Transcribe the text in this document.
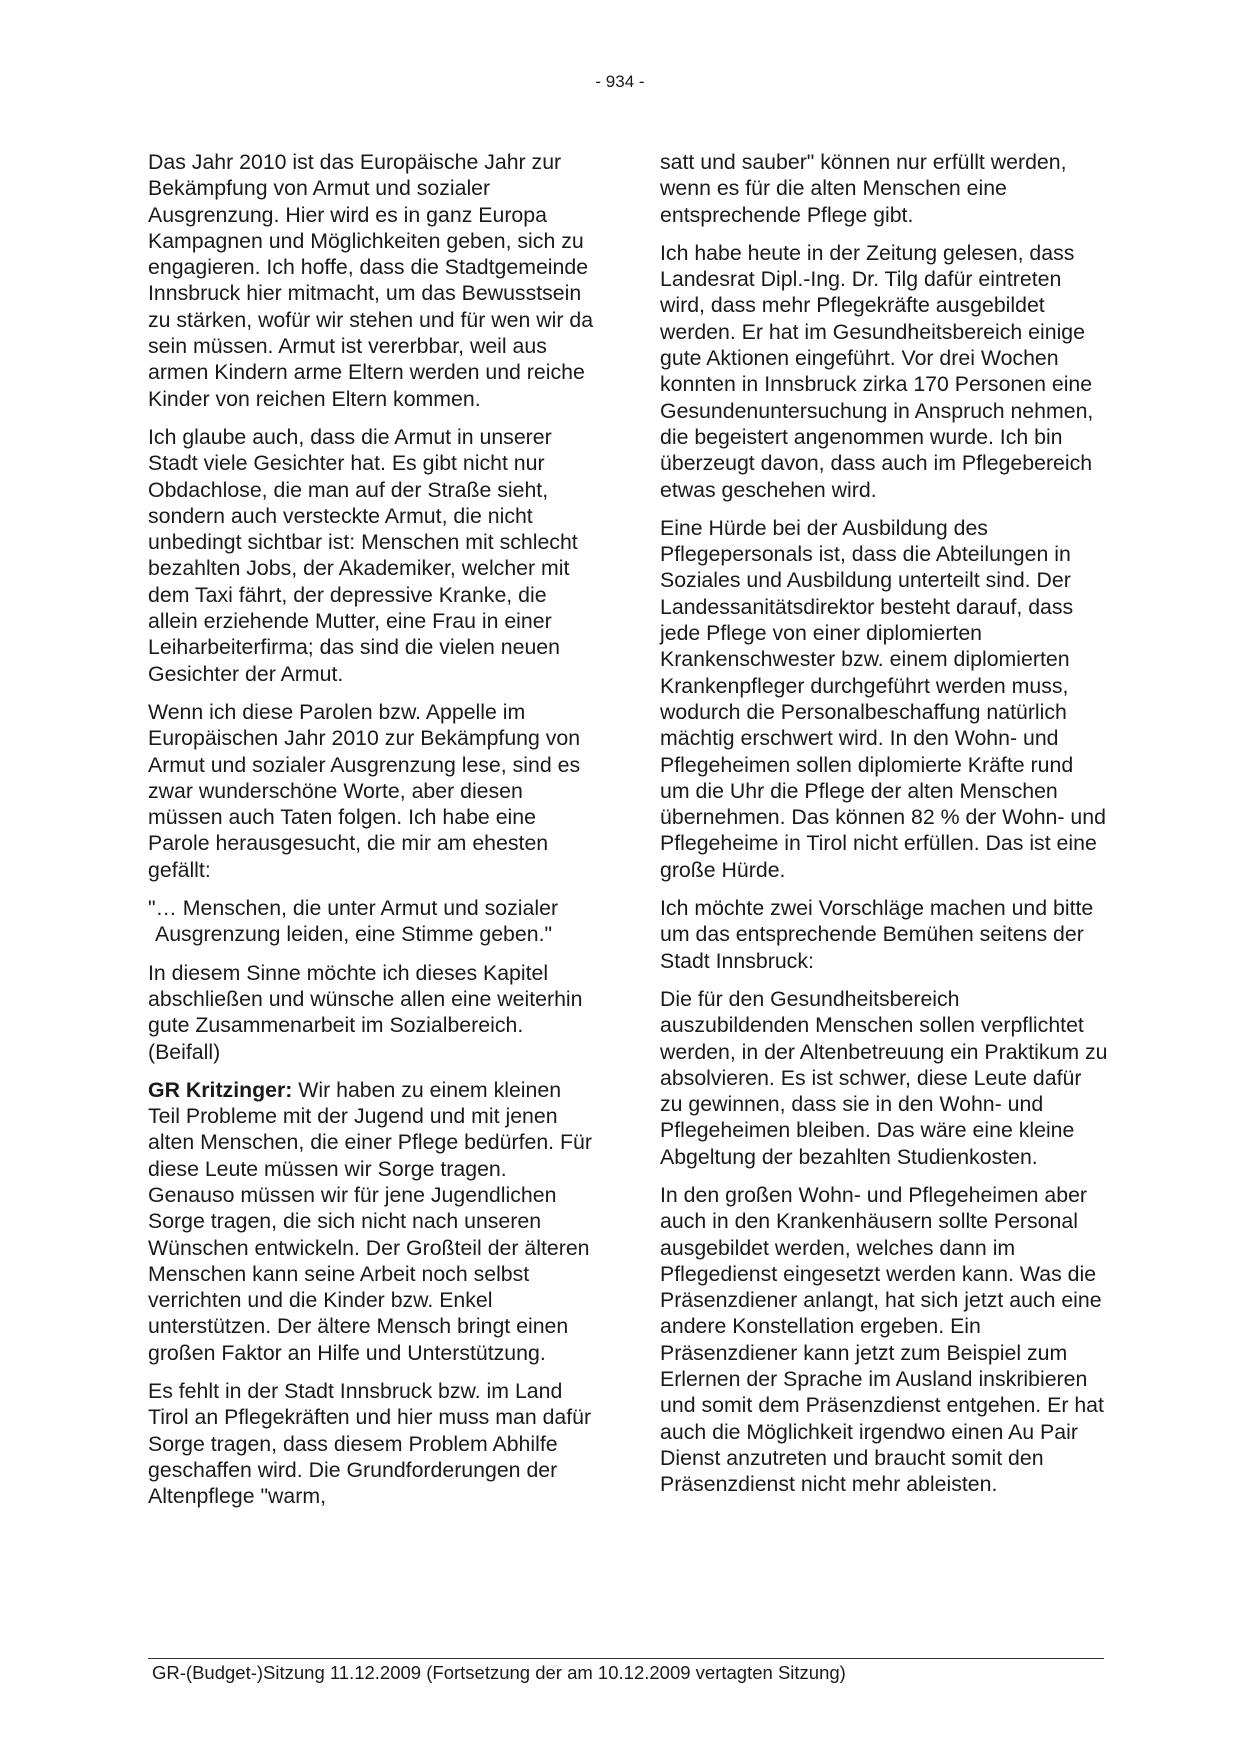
- 934 -

Das Jahr 2010 ist das Europäische Jahr zur Bekämpfung von Armut und sozialer Ausgrenzung. Hier wird es in ganz Europa Kampagnen und Möglichkeiten geben, sich zu engagieren. Ich hoffe, dass die Stadtgemeinde Innsbruck hier mitmacht, um das Bewusstsein zu stärken, wofür wir stehen und für wen wir da sein müssen. Armut ist vererbbar, weil aus armen Kindern arme Eltern werden und reiche Kinder von reichen Eltern kommen.

Ich glaube auch, dass die Armut in unserer Stadt viele Gesichter hat. Es gibt nicht nur Obdachlose, die man auf der Straße sieht, sondern auch versteckte Armut, die nicht unbedingt sichtbar ist: Menschen mit schlecht bezahlten Jobs, der Akademiker, welcher mit dem Taxi fährt, der depressive Kranke, die allein erziehende Mutter, eine Frau in einer Leiharbeiterfirma; das sind die vielen neuen Gesichter der Armut.

Wenn ich diese Parolen bzw. Appelle im Europäischen Jahr 2010 zur Bekämpfung von Armut und sozialer Ausgrenzung lese, sind es zwar wunderschöne Worte, aber diesen müssen auch Taten folgen. Ich habe eine Parole herausgesucht, die mir am ehesten gefällt:

"… Menschen, die unter Armut und sozialer Ausgrenzung leiden, eine Stimme geben."

In diesem Sinne möchte ich dieses Kapitel abschließen und wünsche allen eine weiterhin gute Zusammenarbeit im Sozialbereich. (Beifall)

GR Kritzinger: Wir haben zu einem kleinen Teil Probleme mit der Jugend und mit jenen alten Menschen, die einer Pflege bedürfen. Für diese Leute müssen wir Sorge tragen. Genauso müssen wir für jene Jugendlichen Sorge tragen, die sich nicht nach unseren Wünschen entwickeln. Der Großteil der älteren Menschen kann seine Arbeit noch selbst verrichten und die Kinder bzw. Enkel unterstützen. Der ältere Mensch bringt einen großen Faktor an Hilfe und Unterstützung.

Es fehlt in der Stadt Innsbruck bzw. im Land Tirol an Pflegekräften und hier muss man dafür Sorge tragen, dass diesem Problem Abhilfe geschaffen wird. Die Grundforderungen der Altenpflege "warm,

satt und sauber" können nur erfüllt werden, wenn es für die alten Menschen eine entsprechende Pflege gibt.

Ich habe heute in der Zeitung gelesen, dass Landesrat Dipl.-Ing. Dr. Tilg dafür eintreten wird, dass mehr Pflegekräfte ausgebildet werden. Er hat im Gesundheitsbereich einige gute Aktionen eingeführt. Vor drei Wochen konnten in Innsbruck zirka 170 Personen eine Gesundenuntersuchung in Anspruch nehmen, die begeistert angenommen wurde. Ich bin überzeugt davon, dass auch im Pflegebereich etwas geschehen wird.

Eine Hürde bei der Ausbildung des Pflegepersonals ist, dass die Abteilungen in Soziales und Ausbildung unterteilt sind. Der Landessanitätsdirektor besteht darauf, dass jede Pflege von einer diplomierten Krankenschwester bzw. einem diplomierten Krankenpfleger durchgeführt werden muss, wodurch die Personalbeschaffung natürlich mächtig erschwert wird. In den Wohn- und Pflegeheimen sollen diplomierte Kräfte rund um die Uhr die Pflege der alten Menschen übernehmen. Das können 82 % der Wohn- und Pflegeheime in Tirol nicht erfüllen. Das ist eine große Hürde.

Ich möchte zwei Vorschläge machen und bitte um das entsprechende Bemühen seitens der Stadt Innsbruck:

Die für den Gesundheitsbereich auszubildenden Menschen sollen verpflichtet werden, in der Altenbetreuung ein Praktikum zu absolvieren. Es ist schwer, diese Leute dafür zu gewinnen, dass sie in den Wohn- und Pflegeheimen bleiben. Das wäre eine kleine Abgeltung der bezahlten Studienkosten.

In den großen Wohn- und Pflegeheimen aber auch in den Krankenhäusern sollte Personal ausgebildet werden, welches dann im Pflegedienst eingesetzt werden kann. Was die Präsenzdiener anlangt, hat sich jetzt auch eine andere Konstellation ergeben. Ein Präsenzdiener kann jetzt zum Beispiel zum Erlernen der Sprache im Ausland inskribieren und somit dem Präsenzdienst entgehen. Er hat auch die Möglichkeit irgendwo einen Au Pair Dienst anzutreten und braucht somit den Präsenzdienst nicht mehr ableisten.

GR-(Budget-)Sitzung 11.12.2009 (Fortsetzung der am 10.12.2009 vertagten Sitzung)
